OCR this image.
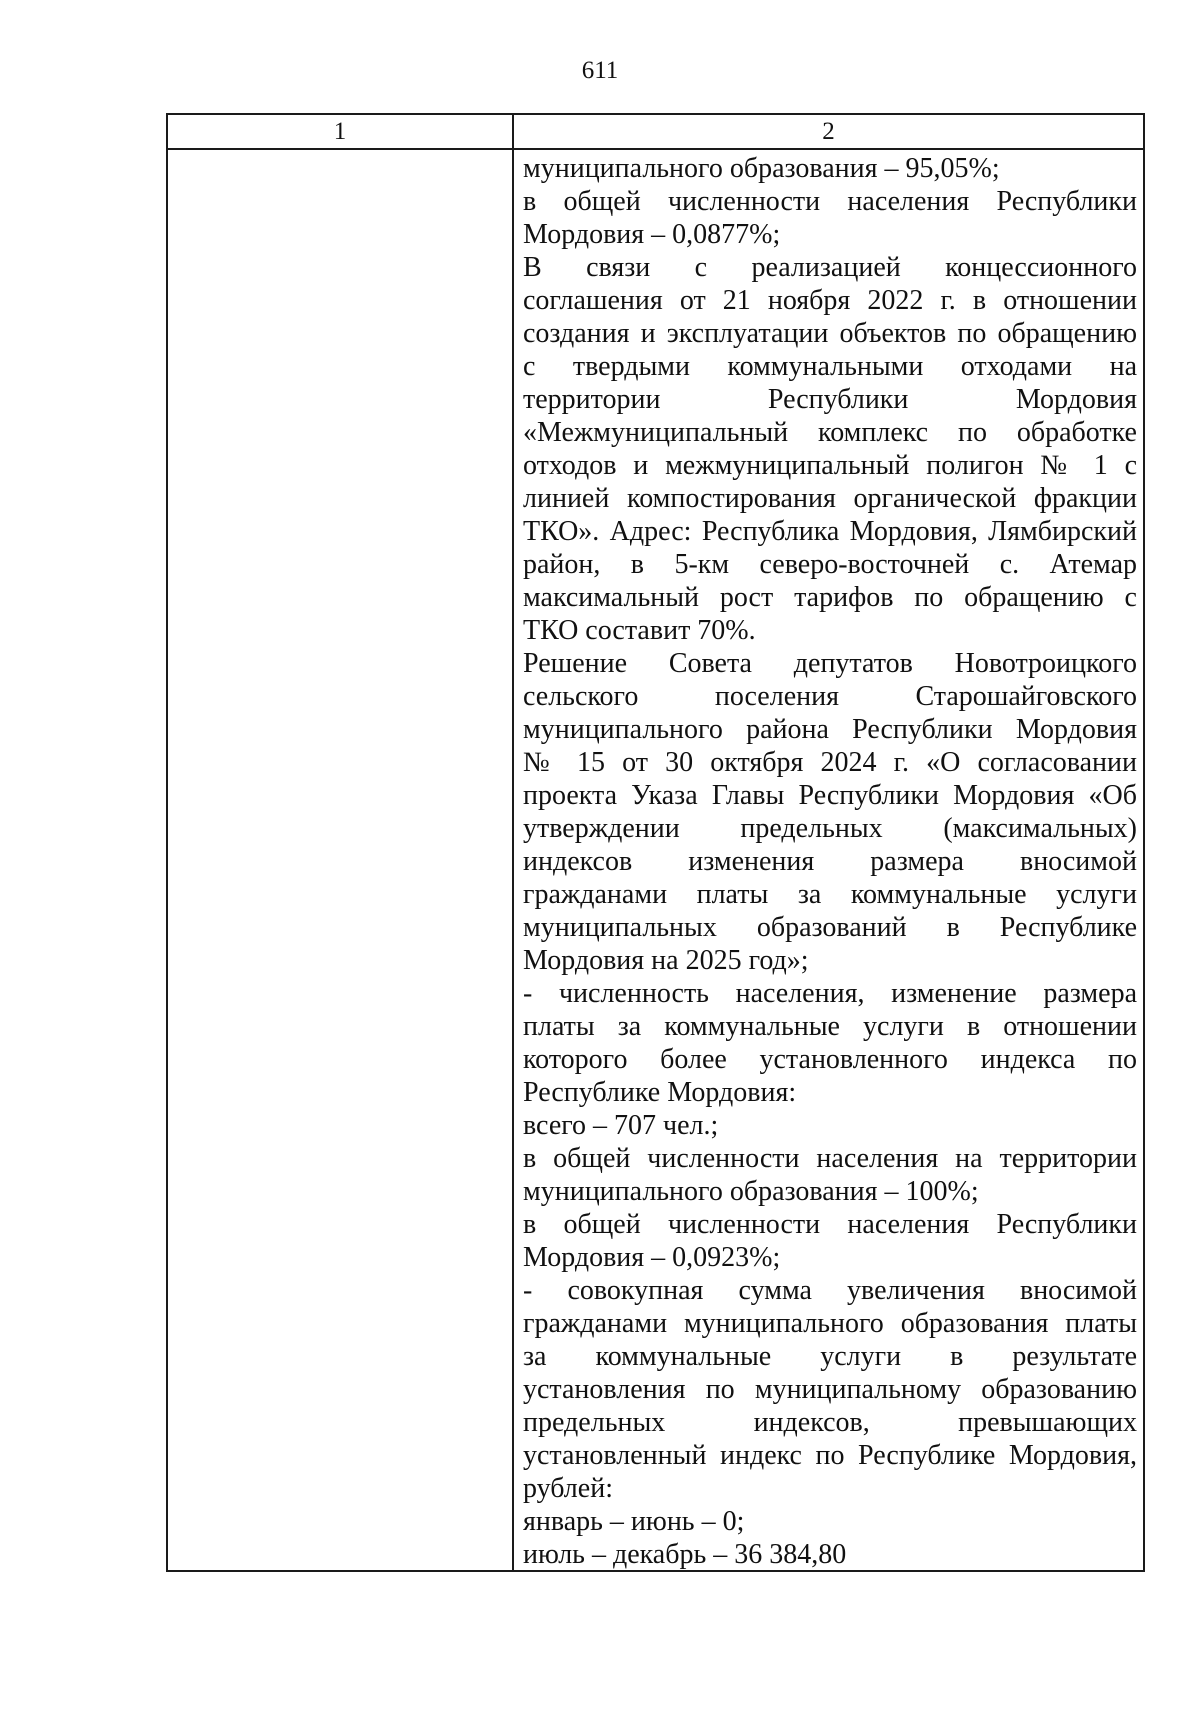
611
1	2
муниципального образования – 95,05%;
в общей численности населения Республики
Мордовия – 0,0877%;
В связи с реализацией концессионного
соглашения от 21 ноября 2022 г. в отношении
создания и эксплуатации объектов по обращению
с твердыми коммунальными отходами на
территории Республики Мордовия
«Межмуниципальный комплекс по обработке
отходов и межмуниципальный полигон № 1 с
линией компостирования органической фракции
ТКО». Адрес: Республика Мордовия, Лямбирский
район, в 5-км северо-восточней с. Атемар
максимальный рост тарифов по обращению с
ТКО составит 70%.
Решение Совета депутатов Новотроицкого
сельского поселения Старошайговского
муниципального района Республики Мордовия
№ 15 от 30 октября 2024 г. «О согласовании
проекта Указа Главы Республики Мордовия «Об
утверждении предельных (максимальных)
индексов изменения размера вносимой
гражданами платы за коммунальные услуги
муниципальных образований в Республике
Мордовия на 2025 год»;
- численность населения, изменение размера
платы за коммунальные услуги в отношении
которого более установленного индекса по
Республике Мордовия:
всего – 707 чел.;
в общей численности населения на территории
муниципального образования – 100%;
в общей численности населения Республики
Мордовия – 0,0923%;
- совокупная сумма увеличения вносимой
гражданами муниципального образования платы
за коммунальные услуги в результате
установления по муниципальному образованию
предельных индексов, превышающих
установленный индекс по Республике Мордовия,
рублей:
январь – июнь – 0;
июль – декабрь – 36 384,80
